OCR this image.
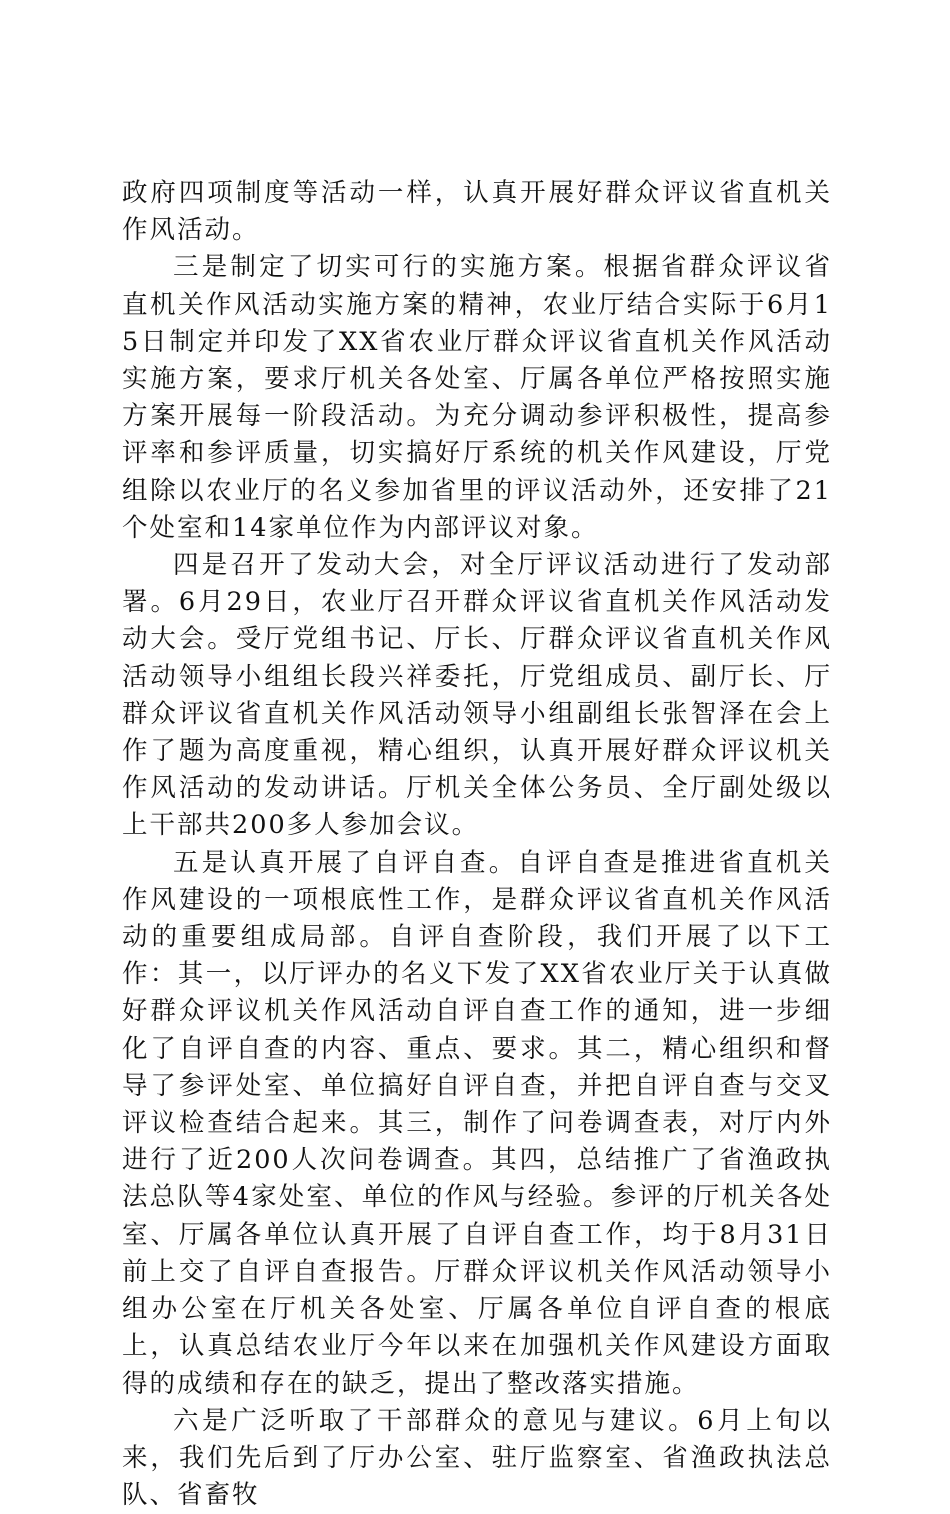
政府四项制度等活动一样，认真开展好群众评议省直机关作风活动。

三是制定了切实可行的实施方案。根据省群众评议省直机关作风活动实施方案的精神，农业厅结合实际于6月15日制定并印发了XX省农业厅群众评议省直机关作风活动实施方案，要求厅机关各处室、厅属各单位严格按照实施方案开展每一阶段活动。为充分调动参评积极性，提高参评率和参评质量，切实搞好厅系统的机关作风建设，厅党组除以农业厅的名义参加省里的评议活动外，还安排了21个处室和14家单位作为内部评议对象。

四是召开了发动大会，对全厅评议活动进行了发动部署。6月29日，农业厅召开群众评议省直机关作风活动发动大会。受厅党组书记、厅长、厅群众评议省直机关作风活动领导小组组长段兴祥委托，厅党组成员、副厅长、厅群众评议省直机关作风活动领导小组副组长张智泽在会上作了题为高度重视，精心组织，认真开展好群众评议机关作风活动的发动讲话。厅机关全体公务员、全厅副处级以上干部共200多人参加会议。

五是认真开展了自评自查。自评自查是推进省直机关作风建设的一项根底性工作，是群众评议省直机关作风活动的重要组成局部。自评自查阶段，我们开展了以下工作：其一，以厅评办的名义下发了XX省农业厅关于认真做好群众评议机关作风活动自评自查工作的通知，进一步细化了自评自查的内容、重点、要求。其二，精心组织和督导了参评处室、单位搞好自评自查，并把自评自查与交叉评议检查结合起来。其三，制作了问卷调查表，对厅内外进行了近200人次问卷调查。其四，总结推广了省渔政执法总队等4家处室、单位的作风与经验。参评的厅机关各处室、厅属各单位认真开展了自评自查工作，均于8月31日前上交了自评自查报告。厅群众评议机关作风活动领导小组办公室在厅机关各处室、厅属各单位自评自查的根底上，认真总结农业厅今年以来在加强机关作风建设方面取得的成绩和存在的缺乏，提出了整改落实措施。

六是广泛听取了干部群众的意见与建议。6月上旬以来，我们先后到了厅办公室、驻厅监察室、省渔政执法总队、省畜牧
